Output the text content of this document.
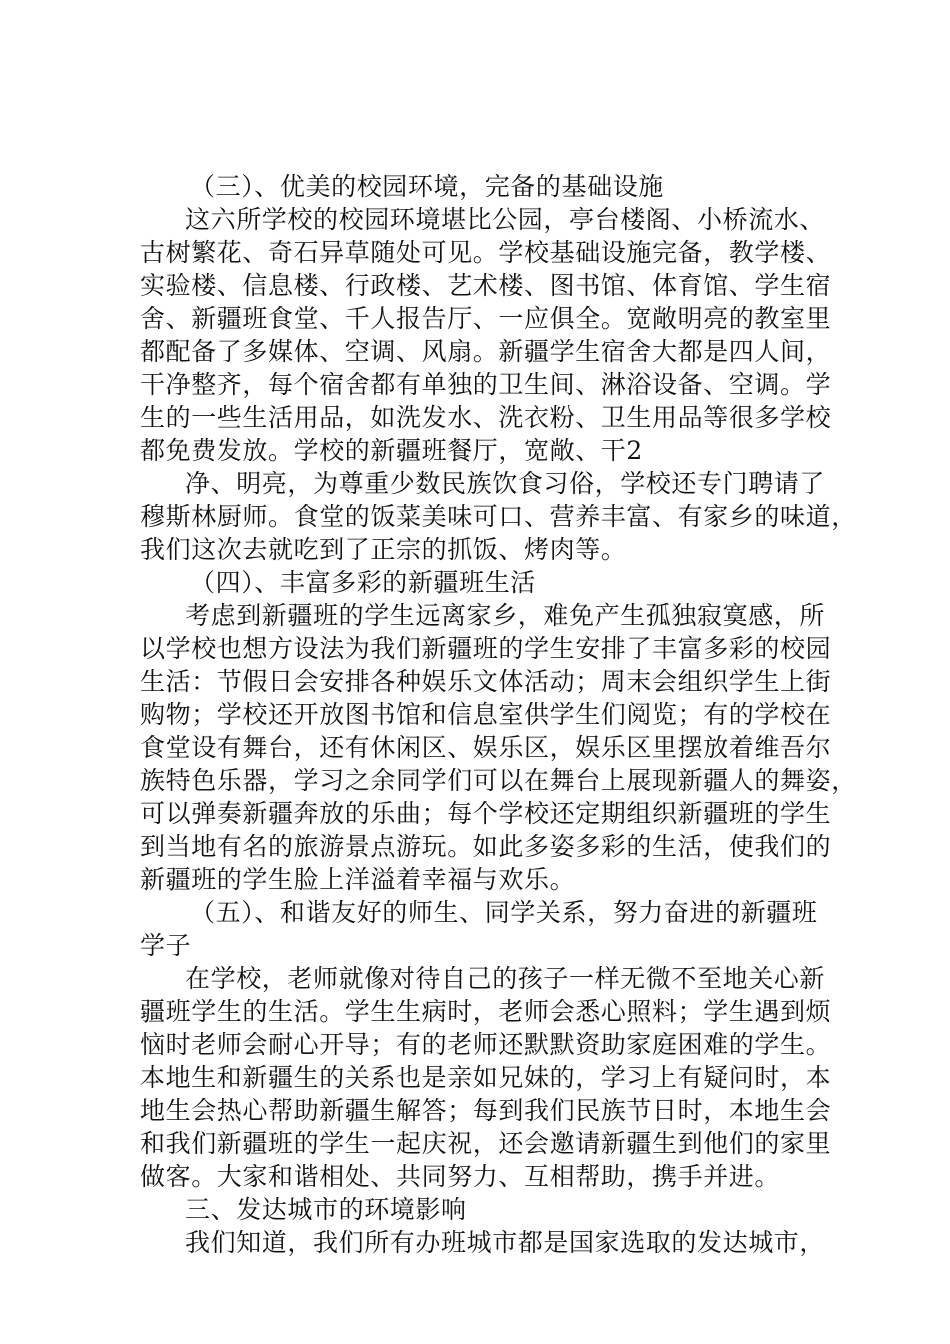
（三）、优美的校园环境，完备的基础设施
这六所学校的校园环境堪比公园，亭台楼阁、小桥流水、
古树繁花、奇石异草随处可见。学校基础设施完备，教学楼、
实验楼、信息楼、行政楼、艺术楼、图书馆、体育馆、学生宿
舍、新疆班食堂、千人报告厅、一应俱全。宽敞明亮的教室里
都配备了多媒体、空调、风扇。新疆学生宿舍大都是四人间，
干净整齐，每个宿舍都有单独的卫生间、淋浴设备、空调。学
生的一些生活用品，如洗发水、洗衣粉、卫生用品等很多学校
都免费发放。学校的新疆班餐厅，宽敞、干2
净、明亮，为尊重少数民族饮食习俗，学校还专门聘请了
穆斯林厨师。食堂的饭菜美味可口、营养丰富、有家乡的味道，
我们这次去就吃到了正宗的抓饭、烤肉等。
（四）、丰富多彩的新疆班生活
考虑到新疆班的学生远离家乡，难免产生孤独寂寞感，所
以学校也想方设法为我们新疆班的学生安排了丰富多彩的校园
生活：节假日会安排各种娱乐文体活动；周末会组织学生上街
购物；学校还开放图书馆和信息室供学生们阅览；有的学校在
食堂设有舞台，还有休闲区、娱乐区，娱乐区里摆放着维吾尔
族特色乐器，学习之余同学们可以在舞台上展现新疆人的舞姿，
可以弹奏新疆奔放的乐曲；每个学校还定期组织新疆班的学生
到当地有名的旅游景点游玩。如此多姿多彩的生活，使我们的
新疆班的学生脸上洋溢着幸福与欢乐。
（五）、和谐友好的师生、同学关系，努力奋进的新疆班
学子
在学校，老师就像对待自己的孩子一样无微不至地关心新
疆班学生的生活。学生生病时，老师会悉心照料；学生遇到烦
恼时老师会耐心开导；有的老师还默默资助家庭困难的学生。
本地生和新疆生的关系也是亲如兄妹的，学习上有疑问时，本
地生会热心帮助新疆生解答；每到我们民族节日时，本地生会
和我们新疆班的学生一起庆祝，还会邀请新疆生到他们的家里
做客。大家和谐相处、共同努力、互相帮助，携手并进。
三、发达城市的环境影响
我们知道，我们所有办班城市都是国家选取的发达城市，
